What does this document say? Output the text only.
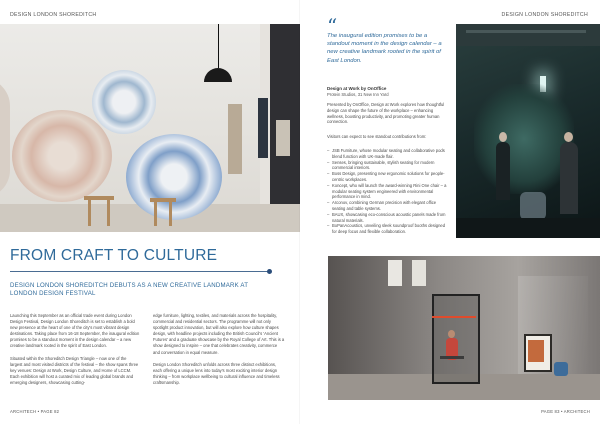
DESIGN LONDON SHOREDITCH	DESIGN LONDON SHOREDITCH
FROM CRAFT TO CULTURE
DESIGN LONDON SHOREDITCH DEBUTS AS A NEW CREATIVE LANDMARK AT LONDON DESIGN FESTIVAL

Launching this September as an official trade event during London Design Festival, Design London Shoreditch is set to establish a bold new presence at the heart of one of the city's most vibrant design destinations. Taking place from 16-18 September, the inaugural edition promises to be a standout moment in the design calendar – a new creative landmark rooted in the spirit of East London.

Situated within the Shoreditch Design Triangle – now one of the largest and most visited districts of the festival – the show spans three key venues: Design at Work, Design Culture, and Home of LCCM. Each exhibition will host a curated mix of leading global brands and emerging designers, showcasing cutting-

edge furniture, lighting, textiles, and materials across the hospitality, commercial and residential sectors. The programme will not only spotlight product innovation, but will also explore how culture shapes design, with headline projects including the British Council's 'Ancient Futures' and a graduate showcase by the Royal College of Art. This is a show designed to inspire – one that celebrates creativity, commerce and conversation in equal measure.

Design London Shoreditch unfolds across three distinct exhibitions, each offering a unique lens into today's most exciting interior design thinking – from workplace wellbeing to cultural influence and timeless craftsmanship.

ARCHITECH • PAGE 82
“
The inaugural edition promises to be a standout moment in the design calendar – a new creative landmark rooted in the spirit of East London.
Design at Work by OnOffice
Protein Studios, 31 New Inn Yard
Presented by OnOffice, Design at Work explores how thoughtful design can shape the future of the workplace – enhancing wellness, boosting productivity, and promoting greater human connection.
Visitors can expect to see standout contributions from:
– JSB Furniture, whose modular seating and collaborative pods blend function with UK-made flair.
– Senses, bringing sustainable, stylish seating for modern commercial interiors.
– Boss Design, presenting new ergonomic solutions for people-centric workplaces.
– Koncept, who will launch the award-winning Rini One chair – a modular seating system engineered with environmental performance in mind.
– Arconov, combining German precision with elegant office seating and table systems.
– BAUX, showcasing eco-conscious acoustic panels made from natural materials.
– BoPanAcoustics, unveiling sleek soundproof booths designed for deep focus and flexible collaboration.
PAGE 83 • ARCHITECH
